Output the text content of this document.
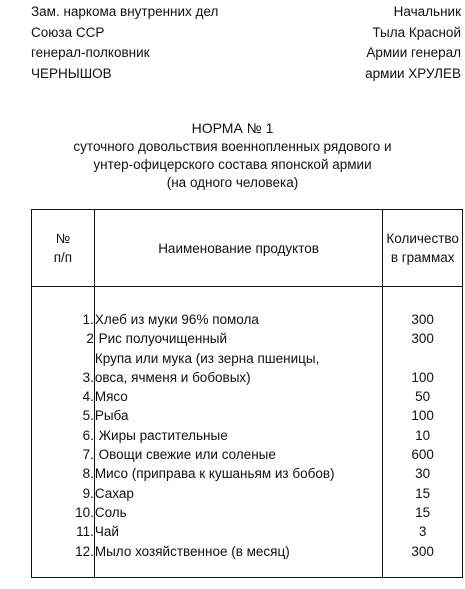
Зам. наркома внутренних дел
Союза ССР
генерал-полковник
ЧЕРНЫШОВ
Начальник
Тыла Красной
Армии генерал
армии ХРУЛЕВ
НОРМА № 1
суточного довольствия военнопленных рядового и
унтер-офицерского состава японской армии
(на одного человека)
№
п/п	Наименование продуктов	Количество
в граммах

1.	Хлеб из муки 96% помола	300
2	Рис полуочищенный	300
3.	Крупа или мука (из зерна пшеницы,
овса, ячменя и бобовых)	100
4.	Мясо	50
5.	Рыба	100
6.	Жиры растительные	10
7.	Овощи свежие или соленые	600
8.	Мисо (приправа к кушаньям из бобов)	30
9.	Сахар	15
10.	Соль	15
11.	Чай	3
12.	Мыло хозяйственное (в месяц)	300
